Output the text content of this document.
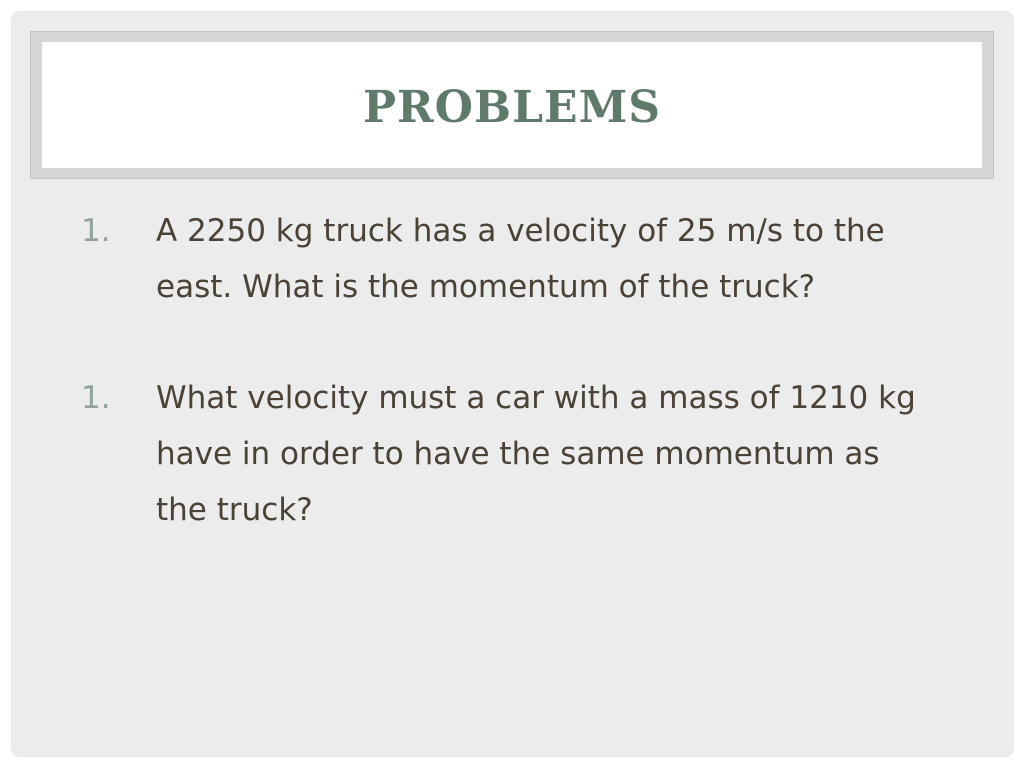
PROBLEMS
1.	A 2250 kg truck has a velocity of 25 m/s to the east. What is the momentum of the truck?
1.	What velocity must a car with a mass of 1210 kg have in order to have the same momentum as the truck?
